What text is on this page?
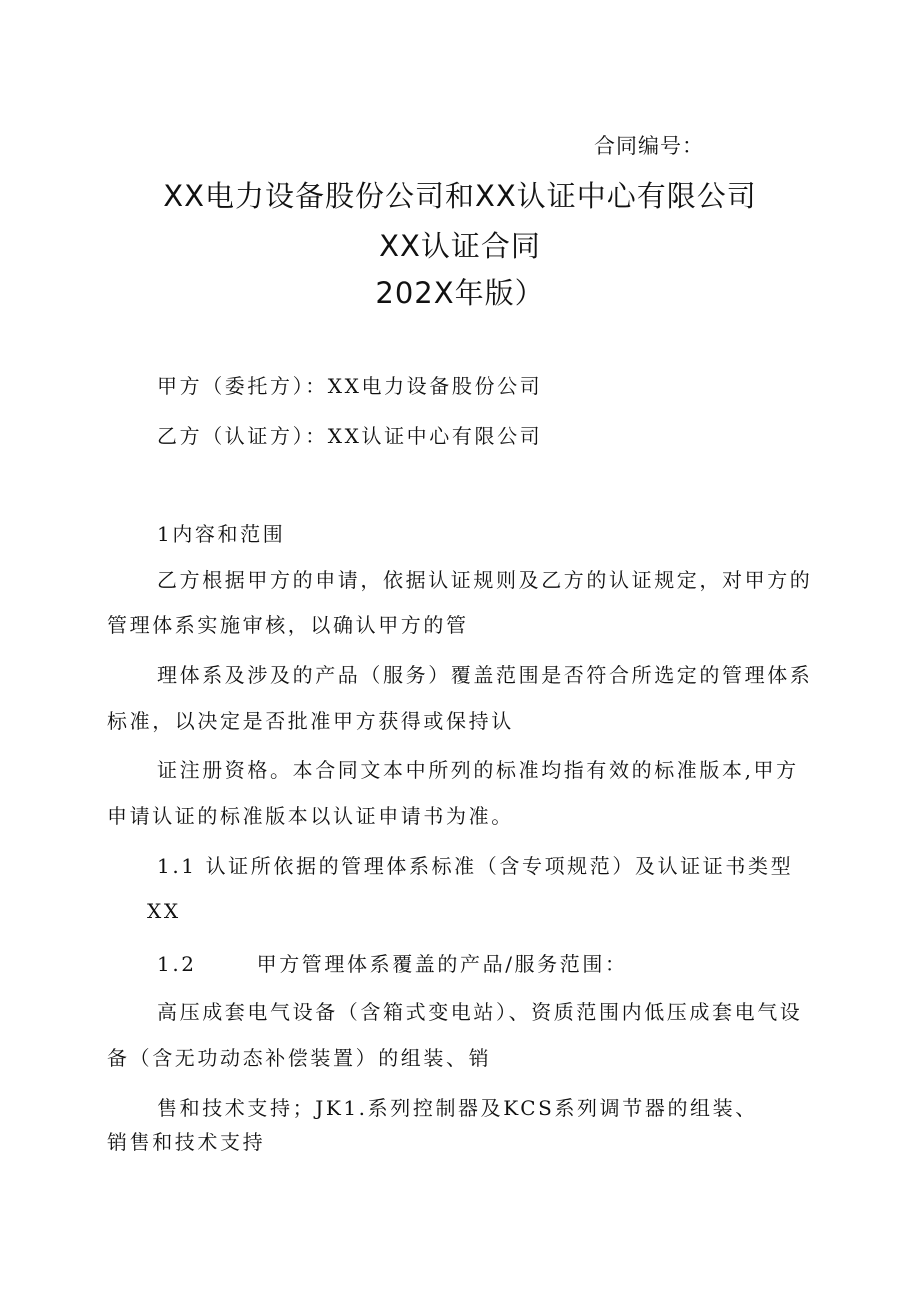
合同编号：
XX电力设备股份公司和XX认证中心有限公司
XX认证合同
202X年版）
甲方（委托方）：XX电力设备股份公司
乙方（认证方）：XX认证中心有限公司
1内容和范围
乙方根据甲方的申请，依据认证规则及乙方的认证规定，对甲方的
管理体系实施审核，以确认甲方的管
理体系及涉及的产品（服务）覆盖范围是否符合所选定的管理体系
标准，以决定是否批准甲方获得或保持认
证注册资格。本合同文本中所列的标准均指有效的标准版本,甲方
申请认证的标准版本以认证申请书为准。
1.1 认证所依据的管理体系标准（含专项规范）及认证证书类型
XX
1.2	甲方管理体系覆盖的产品/服务范围：
高压成套电气设备（含箱式变电站）、资质范围内低压成套电气设
备（含无功动态补偿装置）的组装、销
售和技术支持；JK1.系列控制器及KCS系列调节器的组装、
销售和技术支持
